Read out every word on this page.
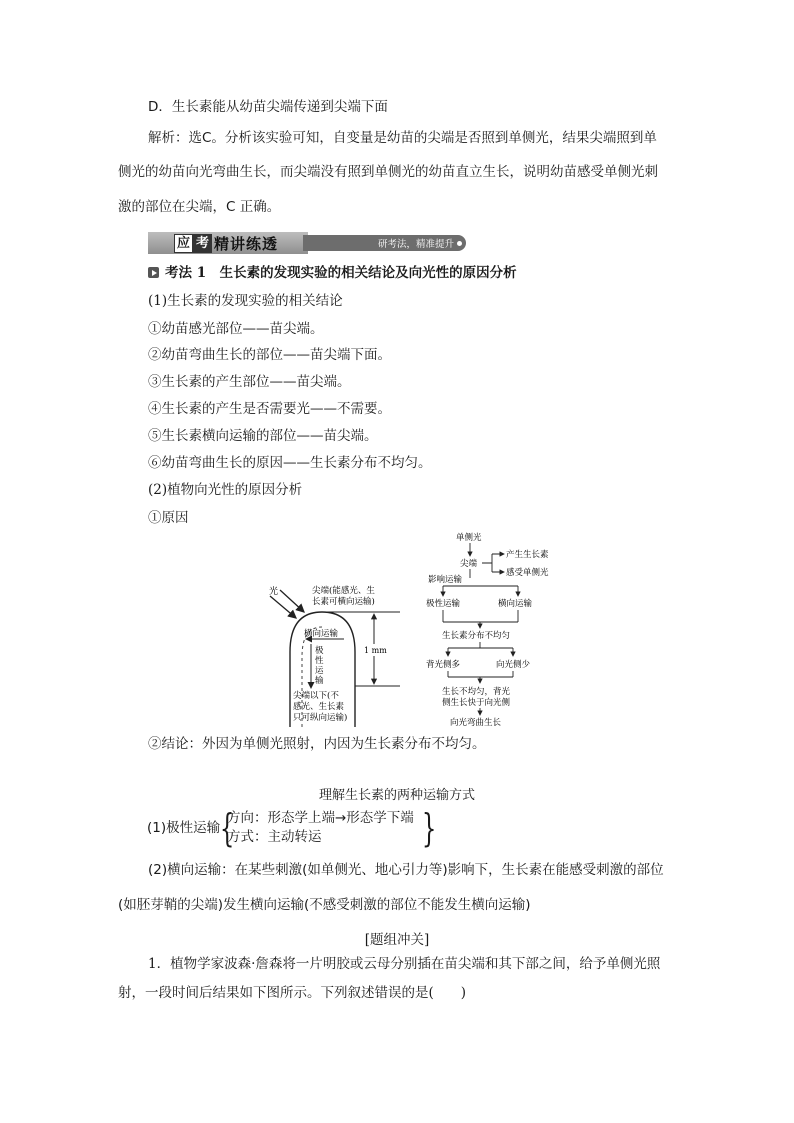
D．生长素能从幼苗尖端传递到尖端下面
解析：选C。分析该实验可知，自变量是幼苗的尖端是否照到单侧光，结果尖端照到单
侧光的幼苗向光弯曲生长，而尖端没有照到单侧光的幼苗直立生长，说明幼苗感受单侧光刺
激的部位在尖端，C 正确。
应 考 精讲练透	研考法，精准提升
考法 1　生长素的发现实验的相关结论及向光性的原因分析
(1)生长素的发现实验的相关结论
①幼苗感光部位——苗尖端。
②幼苗弯曲生长的部位——苗尖端下面。
③生长素的产生部位——苗尖端。
④生长素的产生是否需要光——不需要。
⑤生长素横向运输的部位——苗尖端。
⑥幼苗弯曲生长的原因——生长素分布不均匀。
(2)植物向光性的原因分析
①原因
光	尖端(能感光、生
长素可横向运输)
横向运输
极
性
运
输
1 mm
尖端以下(不
感光、生长素
只可纵向运输)
单侧光
尖端
产生生长素
感受单侧光
影响运输
极性运输	横向运输
生长素分布不均匀
背光侧多	向光侧少
生长不均匀，背光
侧生长快于向光侧
向光弯曲生长
②结论：外因为单侧光照射，内因为生长素分布不均匀。
理解生长素的两种运输方式
(1)极性运输 {
方向：形态学上端→形态学下端
方式：主动转运	{
(2)横向运输：在某些刺激(如单侧光、地心引力等)影响下，生长素在能感受刺激的部位
(如胚芽鞘的尖端)发生横向运输(不感受刺激的部位不能发生横向运输)
[题组冲关]
1．植物学家波森·詹森将一片明胶或云母分别插在苗尖端和其下部之间，给予单侧光照
射，一段时间后结果如下图所示。下列叙述错误的是(　　)
